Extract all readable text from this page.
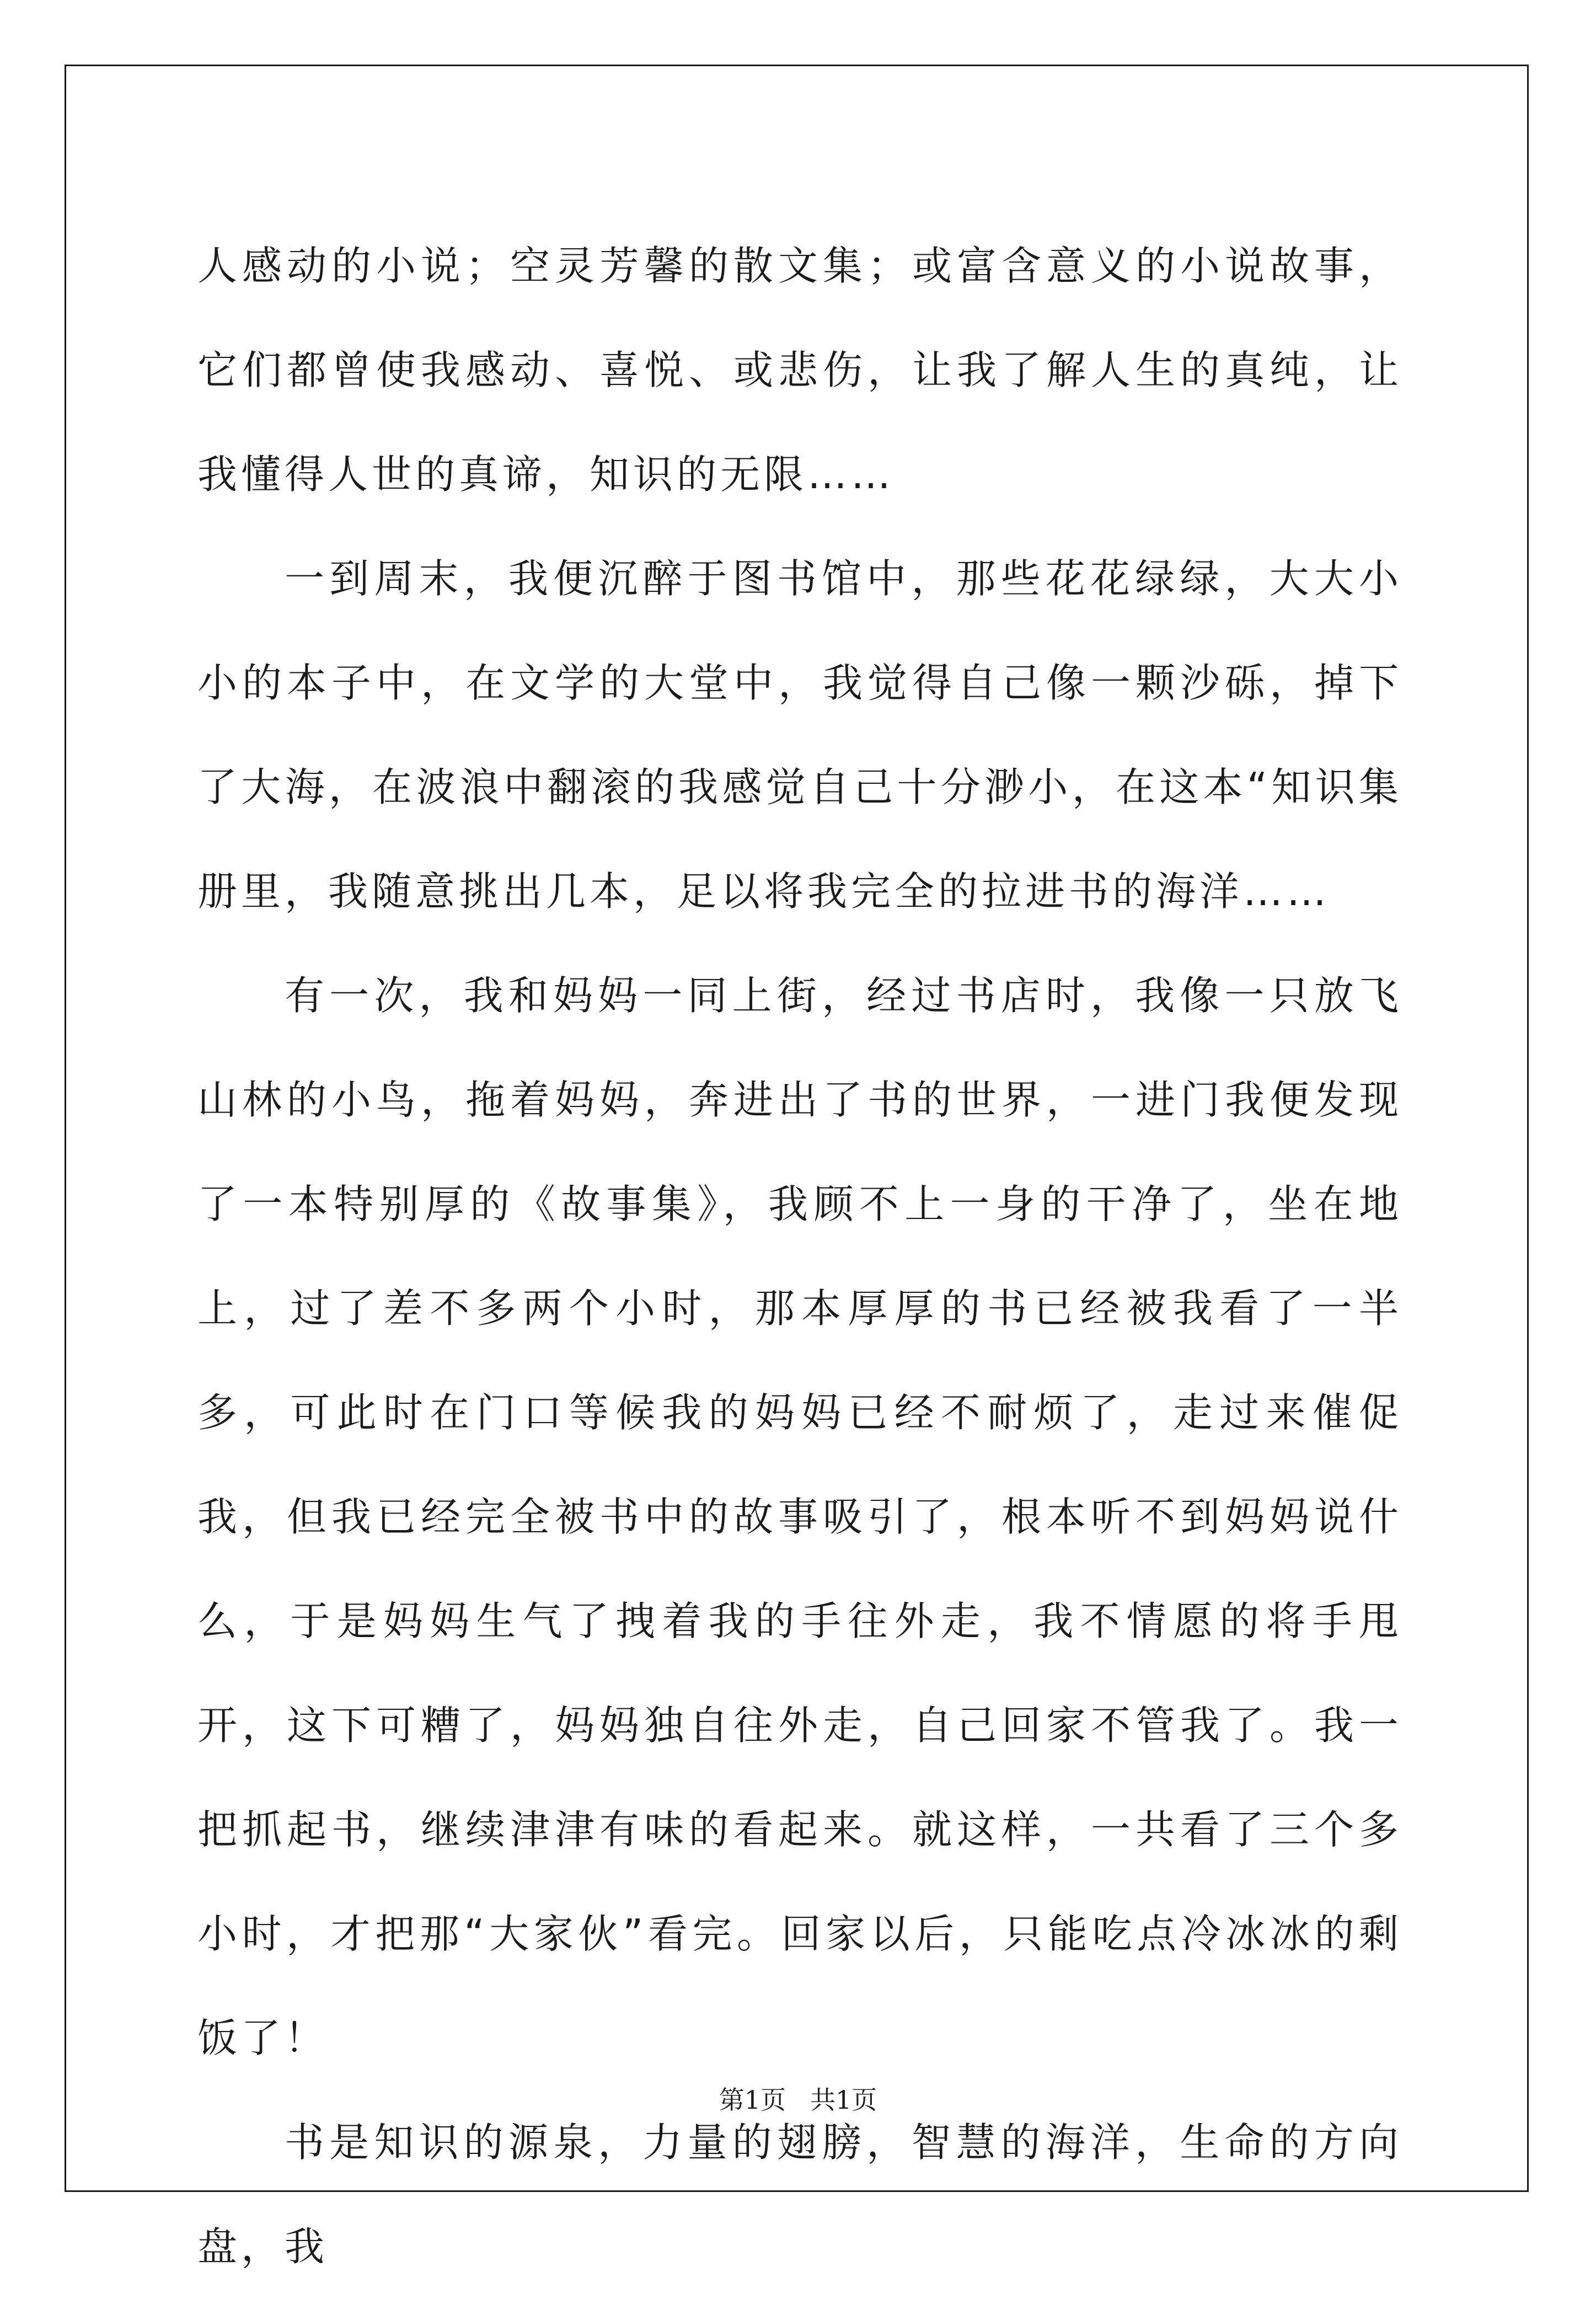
人感动的小说；空灵芳馨的散文集；或富含意义的小说故事，它们都曾使我感动、喜悦、或悲伤，让我了解人生的真纯，让我懂得人世的真谛，知识的无限……

一到周末，我便沉醉于图书馆中，那些花花绿绿，大大小小的本子中，在文学的大堂中，我觉得自己像一颗沙砾，掉下了大海，在波浪中翻滚的我感觉自己十分渺小，在这本“知识集册里，我随意挑出几本，足以将我完全的拉进书的海洋……

有一次，我和妈妈一同上街，经过书店时，我像一只放飞山林的小鸟，拖着妈妈，奔进出了书的世界，一进门我便发现了一本特别厚的《故事集》，我顾不上一身的干净了，坐在地上，过了差不多两个小时，那本厚厚的书已经被我看了一半多，可此时在门口等候我的妈妈已经不耐烦了，走过来催促我，但我已经完全被书中的故事吸引了，根本听不到妈妈说什么，于是妈妈生气了拽着我的手往外走，我不情愿的将手甩开，这下可糟了，妈妈独自往外走，自己回家不管我了。我一把抓起书，继续津津有味的看起来。就这样，一共看了三个多小时，才把那“大家伙”看完。回家以后，只能吃点冷冰冰的剩饭了！

书是知识的源泉，力量的翅膀，智慧的海洋，生命的方向盘，我

第1页 共1页
